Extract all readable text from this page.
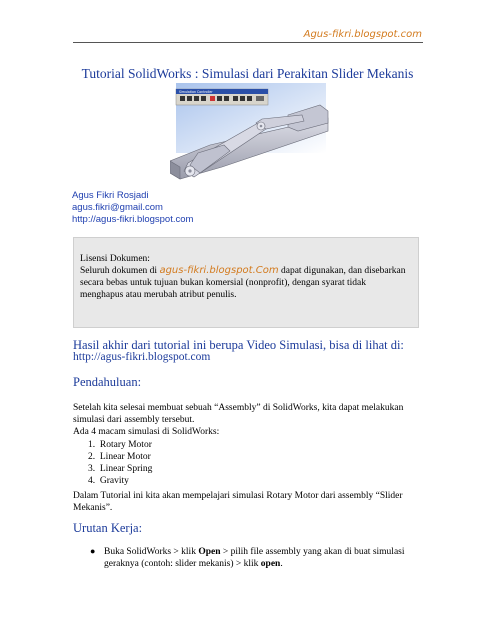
Agus-fikri.blogspot.com
Tutorial SolidWorks : Simulasi dari Perakitan Slider Mekanis
Simulation Controller
Agus Fikri Rosjadi
agus.fikri@gmail.com
http://agus-fikri.blogspot.com
Lisensi Dokumen:
Seluruh dokumen di agus-fikri.blogspot.Com dapat digunakan, dan disebarkan
secara bebas untuk tujuan bukan komersial (nonprofit), dengan syarat tidak
menghapus atau merubah atribut penulis.
Hasil akhir dari tutorial ini berupa Video Simulasi, bisa di lihat di:
http://agus-fikri.blogspot.com
Pendahuluan:
Setelah kita selesai membuat sebuah “Assembly” di SolidWorks, kita dapat melakukan
simulasi dari assembly tersebut.
Ada 4 macam simulasi di SolidWorks:
1. Rotary Motor
2. Linear Motor
3. Linear Spring
4. Gravity
Dalam Tutorial ini kita akan mempelajari simulasi Rotary Motor dari assembly “Slider
Mekanis”.
Urutan Kerja:
● Buka SolidWorks > klik Open > pilih file assembly yang akan di buat simulasi
geraknya (contoh: slider mekanis) > klik open.
